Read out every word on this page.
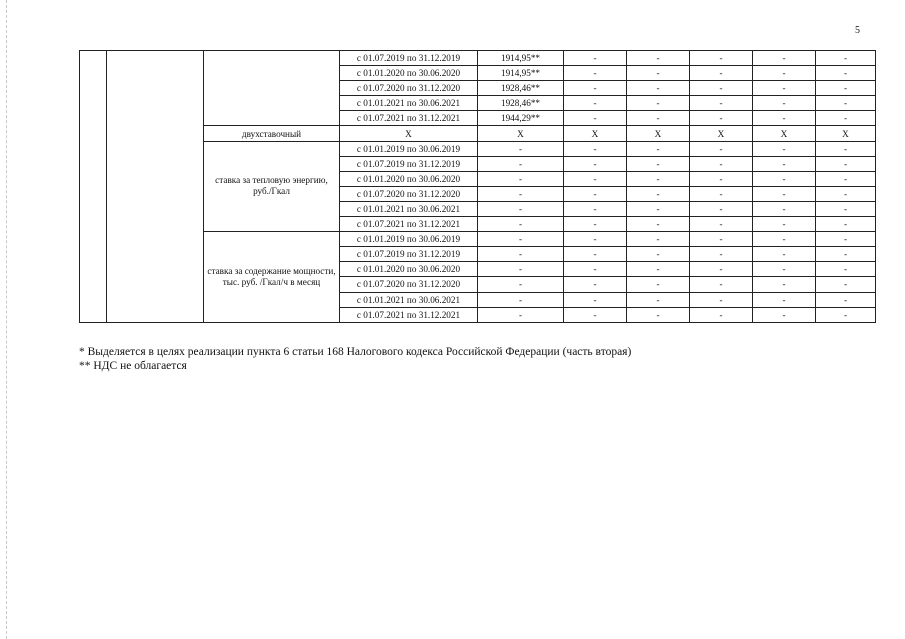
5
			с 01.07.2019 по 31.12.2019	1914,95**	-	-	-	-	-
			с 01.01.2020 по 30.06.2020	1914,95**	-	-	-	-	-
			с 01.07.2020 по 31.12.2020	1928,46**	-	-	-	-	-
			с 01.01.2021 по 30.06.2021	1928,46**	-	-	-	-	-
			с 01.07.2021 по 31.12.2021	1944,29**	-	-	-	-	-
		двухставочный	X	X	X	X	X	X	X
		ставка за тепловую энергию, руб./Гкал	с 01.01.2019 по 30.06.2019	-	-	-	-	-	-
			с 01.07.2019 по 31.12.2019	-	-	-	-	-	-
			с 01.01.2020 по 30.06.2020	-	-	-	-	-	-
			с 01.07.2020 по 31.12.2020	-	-	-	-	-	-
			с 01.01.2021 по 30.06.2021	-	-	-	-	-	-
			с 01.07.2021 по 31.12.2021	-	-	-	-	-	-
		ставка за содержание мощности, тыс. руб. /Гкал/ч в месяц	с 01.01.2019 по 30.06.2019	-	-	-	-	-	-
			с 01.07.2019 по 31.12.2019	-	-	-	-	-	-
			с 01.01.2020 по 30.06.2020	-	-	-	-	-	-
			с 01.07.2020 по 31.12.2020	-	-	-	-	-	-
			с 01.01.2021 по 30.06.2021	-	-	-	-	-	-
			с 01.07.2021 по 31.12.2021	-	-	-	-	-	-
* Выделяется в целях реализации пункта 6 статьи 168 Налогового кодекса Российской Федерации (часть вторая)
** НДС не облагается
